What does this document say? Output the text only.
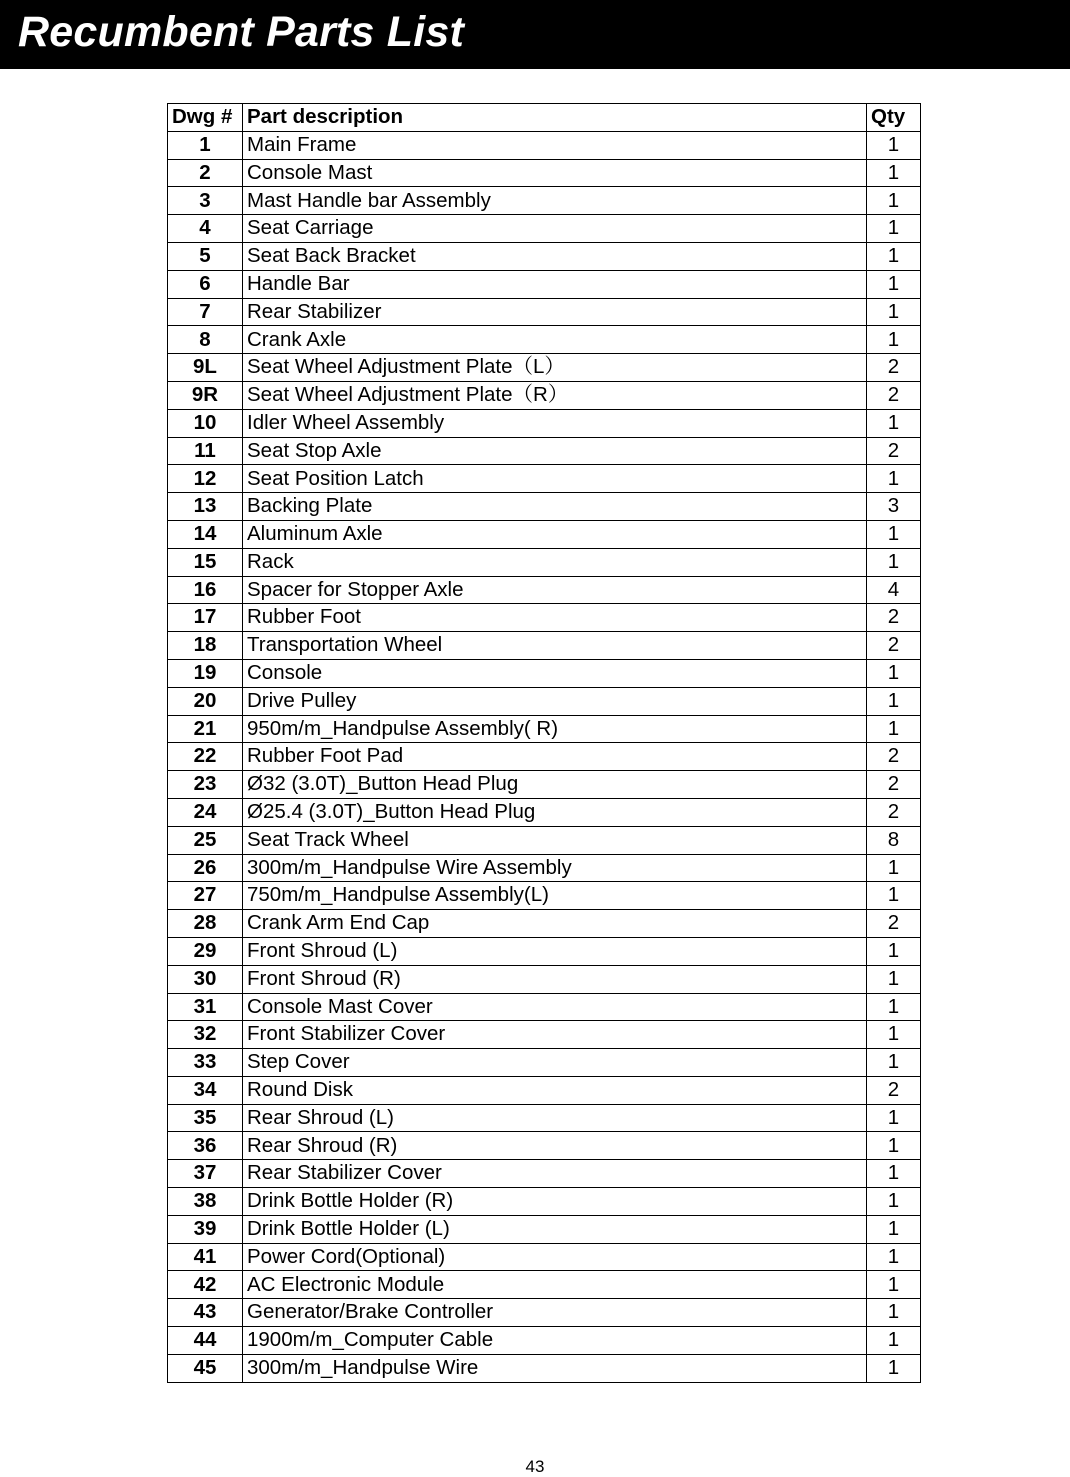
Recumbent Parts List
Dwg #	Part description	Qty
1	Main Frame	1
2	Console Mast	1
3	Mast Handle bar Assembly	1
4	Seat Carriage	1
5	Seat Back Bracket	1
6	Handle Bar	1
7	Rear Stabilizer	1
8	Crank Axle	1
9L	Seat Wheel Adjustment Plate（L）	2
9R	Seat Wheel Adjustment Plate（R）	2
10	Idler Wheel Assembly	1
11	Seat Stop Axle	2
12	Seat Position Latch	1
13	Backing Plate	3
14	Aluminum Axle	1
15	Rack	1
16	Spacer for Stopper Axle	4
17	Rubber Foot	2
18	Transportation Wheel	2
19	Console	1
20	Drive Pulley	1
21	950m/m_Handpulse Assembly( R)	1
22	Rubber Foot Pad	2
23	Ø32 (3.0T)_Button Head Plug	2
24	Ø25.4 (3.0T)_Button Head Plug	2
25	Seat Track Wheel	8
26	300m/m_Handpulse Wire Assembly	1
27	750m/m_Handpulse Assembly(L)	1
28	Crank Arm End Cap	2
29	Front Shroud (L)	1
30	Front Shroud (R)	1
31	Console Mast Cover	1
32	Front Stabilizer Cover	1
33	Step Cover	1
34	Round Disk	2
35	Rear Shroud (L)	1
36	Rear Shroud (R)	1
37	Rear Stabilizer Cover	1
38	Drink Bottle Holder (R)	1
39	Drink Bottle Holder (L)	1
41	Power Cord(Optional)	1
42	AC Electronic Module	1
43	Generator/Brake Controller	1
44	1900m/m_Computer Cable	1
45	300m/m_Handpulse Wire	1
43
